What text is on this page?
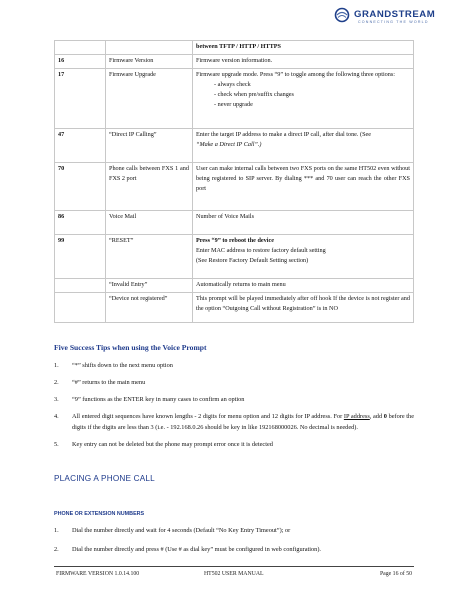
GRANDSTREAM
CONNECTING THE WORLD

		between TFTP / HTTP / HTTPS

16	Firmware Version	Firmware version information.

17	Firmware Upgrade	Firmware upgrade mode. Press “9” to toggle among the following three options:
- always check
- check when pre/suffix changes
- never upgrade

47	“Direct IP Calling”	Enter the target IP address to make a direct IP call, after dial tone. (See
“Make a Direct IP Call”.)

70	Phone calls between FXS 1 and FXS 2 port	User can make internal calls between two FXS ports on the same HT502 even without being registered to SIP server. By dialing *** and 70 user can reach the other FXS port

86	Voice Mail	Number of Voice Mails

99	“RESET”	Press “9” to reboot the device
Enter MAC address to restore factory default setting
(See Restore Factory Default Setting section)

	“Invalid Entry”	Automatically returns to main menu

	“Device not registered”	This prompt will be played immediately after off hook If the device is not register and the option “Outgoing Call without Registration” is in NO
Five Success Tips when using the Voice Prompt
1. “*” shifts down to the next menu option
2. “#” returns to the main menu
3. “9” functions as the ENTER key in many cases to confirm an option
4. All entered digit sequences have known lengths - 2 digits for menu option and 12 digits for IP address. For IP address, add 0 before the digits if the digits are less than 3 (i.e. - 192.168.0.26 should be key in like 192168000026. No decimal is needed).
5. Key entry can not be deleted but the phone may prompt error once it is detected
PLACING A PHONE CALL
PHONE OR EXTENSION NUMBERS
1. Dial the number directly and wait for 4 seconds (Default “No Key Entry Timeout”); or
2. Dial the number directly and press # (Use # as dial key” must be configured in web configuration).
FIRMWARE VERSION 1.0.14.100	HT502 USER MANUAL	Page 16 of 50
